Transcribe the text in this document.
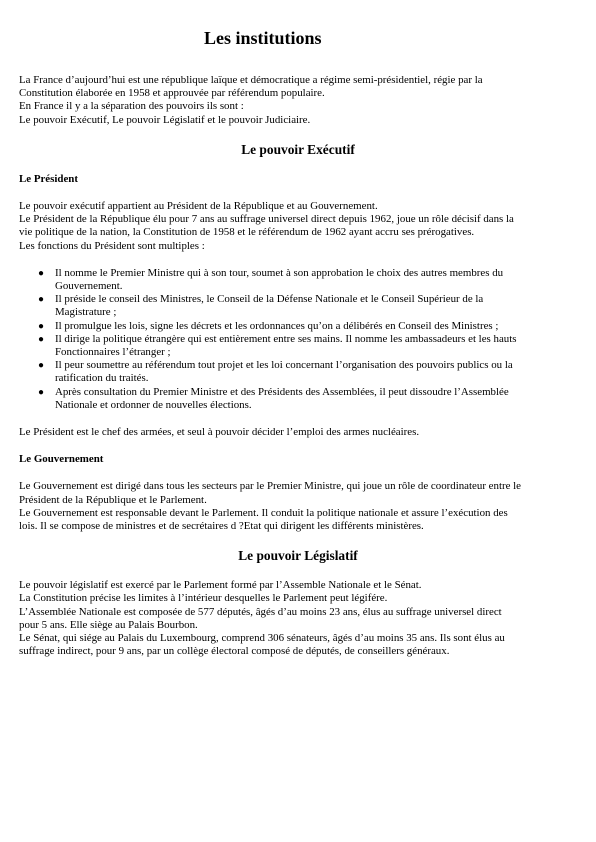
Les institutions

La France d’aujourd’hui est une république laïque et démocratique a régime semi-présidentiel, régie par la
Constitution élaborée en 1958 et approuvée par référendum populaire.
En France il y a la séparation des pouvoirs ils sont :
Le pouvoir Exécutif, Le pouvoir Législatif et le pouvoir Judiciaire.

Le pouvoir Exécutif
Le Président

Le pouvoir exécutif appartient au Président de la République et au Gouvernement.
Le Président de la République élu pour 7 ans au suffrage universel direct depuis 1962, joue un rôle décisif dans la
vie politique de la nation, la Constitution de 1958 et le référendum de 1962 ayant accru ses prérogatives.
Les fonctions du Président sont multiples :

● Il nomme le Premier Ministre qui à son tour, soumet à son approbation le choix des autres membres du
Gouvernement.
● Il préside le conseil des Ministres, le Conseil de la Défense Nationale et le Conseil Supérieur de la
Magistrature ;
● Il promulgue les lois, signe les décrets et les ordonnances qu’on a délibérés en Conseil des Ministres ;
● Il dirige la politique étrangère qui est entièrement entre ses mains. Il nomme les ambassadeurs et les hauts
Fonctionnaires l’étranger ;
● Il peur soumettre au référendum tout projet et les loi concernant l’organisation des pouvoirs publics ou la
ratification du traités.
● Après consultation du Premier Ministre et des Présidents des Assemblées, il peut dissoudre l’Assemblée
Nationale et ordonner de nouvelles élections.

Le Président est le chef des armées, et seul à pouvoir décider l’emploi des armes nucléaires.

Le Gouvernement

Le Gouvernement est dirigé dans tous les secteurs par le Premier Ministre, qui joue un rôle de coordinateur entre le
Président de la République et le Parlement.
Le Gouvernement est responsable devant le Parlement. Il conduit la politique nationale et assure l’exécution des
lois. Il se compose de ministres et de secrétaires d ?Etat qui dirigent les différents ministères.

Le pouvoir Législatif

Le pouvoir législatif est exercé par le Parlement formé par l’Assemble Nationale et le Sénat.
La Constitution précise les limites à l’intérieur desquelles le Parlement peut légifére.
L’Assemblée Nationale est composée de 577 députés, âgés d’au moins 23 ans, élus au suffrage universel direct
pour 5 ans. Elle siège au Palais Bourbon.
Le Sénat, qui siége au Palais du Luxembourg, comprend 306 sénateurs, âgés d’au moins 35 ans. Ils sont élus au
suffrage indirect, pour 9 ans, par un collège électoral composé de députés, de conseillers généraux.
